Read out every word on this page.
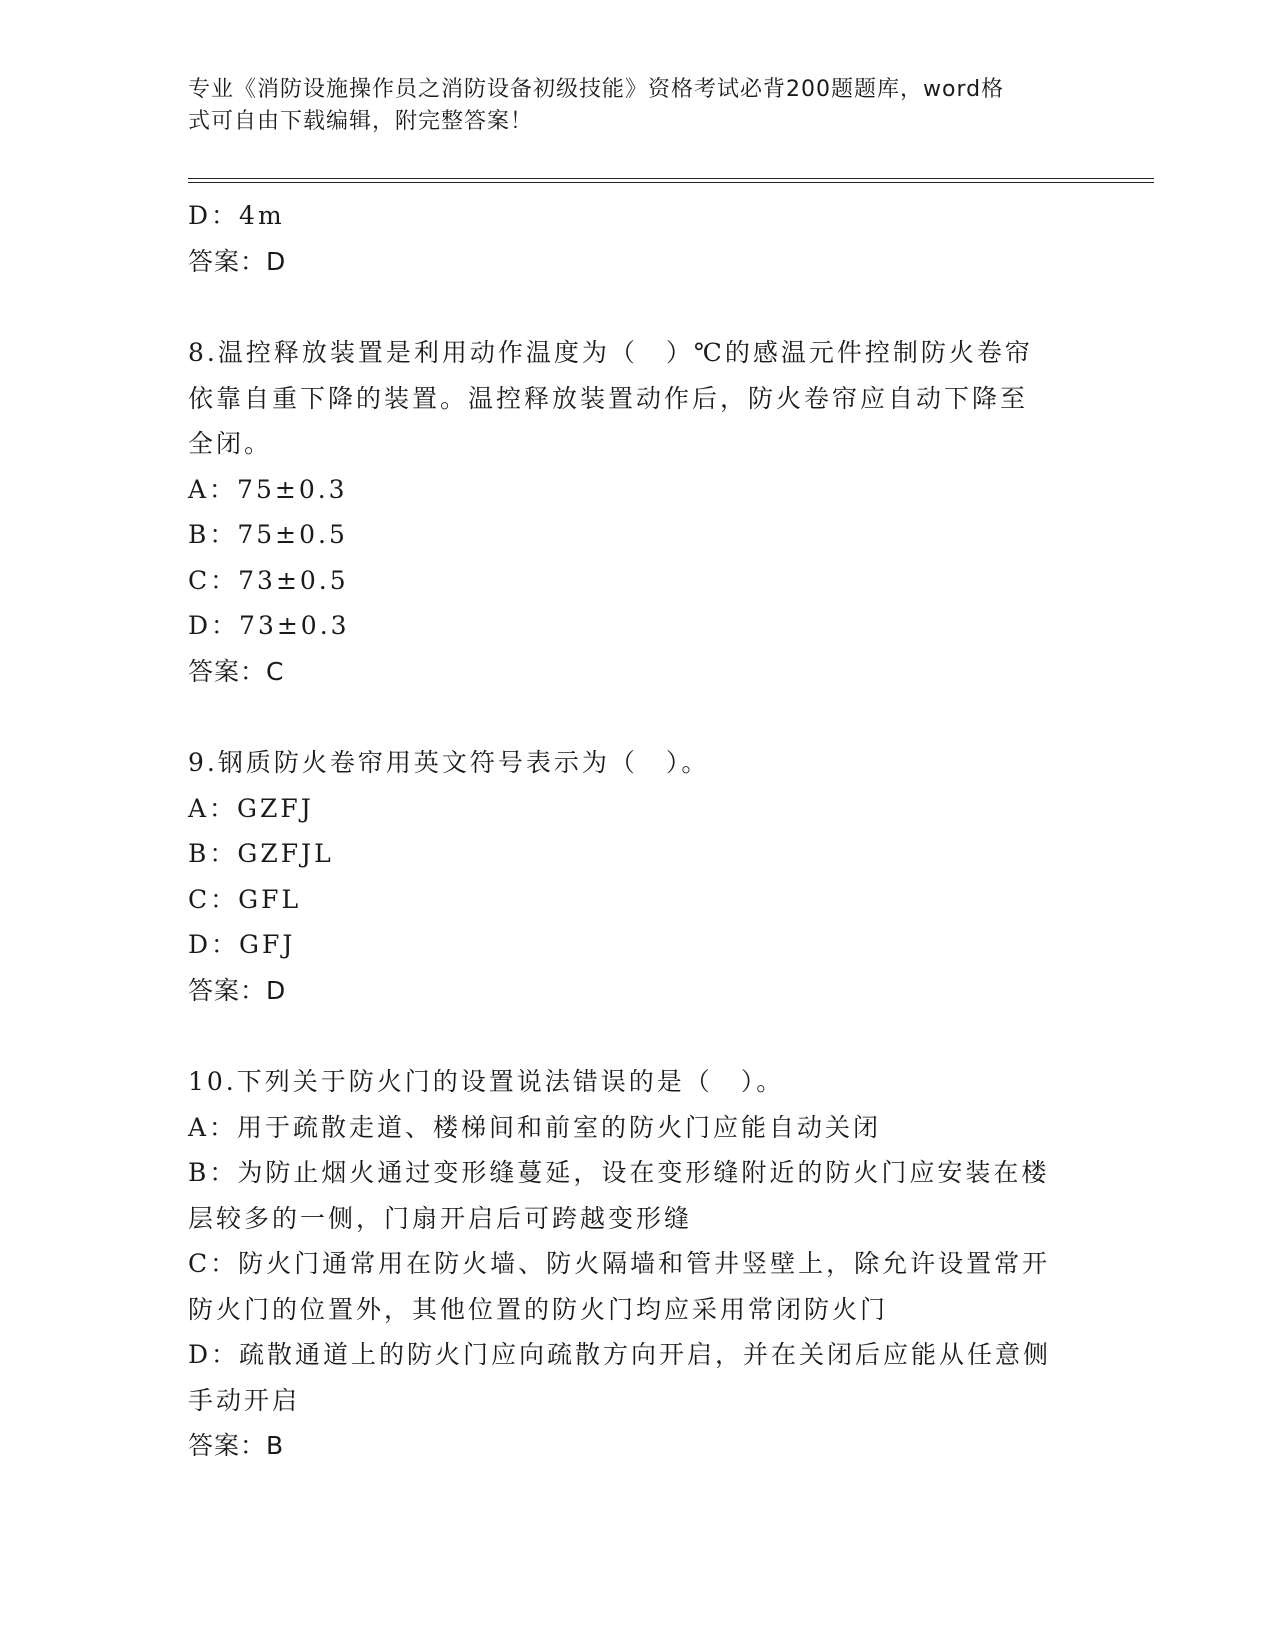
专业《消防设施操作员之消防设备初级技能》资格考试必背200题题库，word格
式可自由下载编辑，附完整答案！
D：4m
答案：D
8.温控释放装置是利用动作温度为（　）℃的感温元件控制防火卷帘
依靠自重下降的装置。温控释放装置动作后，防火卷帘应自动下降至
全闭。
A：75±0.3
B：75±0.5
C：73±0.5
D：73±0.3
答案：C
9.钢质防火卷帘用英文符号表示为（　）。
A：GZFJ
B：GZFJL
C：GFL
D：GFJ
答案：D
10.下列关于防火门的设置说法错误的是（　）。
A：用于疏散走道、楼梯间和前室的防火门应能自动关闭
B：为防止烟火通过变形缝蔓延，设在变形缝附近的防火门应安装在楼
层较多的一侧，门扇开启后可跨越变形缝
C：防火门通常用在防火墙、防火隔墙和管井竖壁上，除允许设置常开
防火门的位置外，其他位置的防火门均应采用常闭防火门
D：疏散通道上的防火门应向疏散方向开启，并在关闭后应能从任意侧
手动开启
答案：B
